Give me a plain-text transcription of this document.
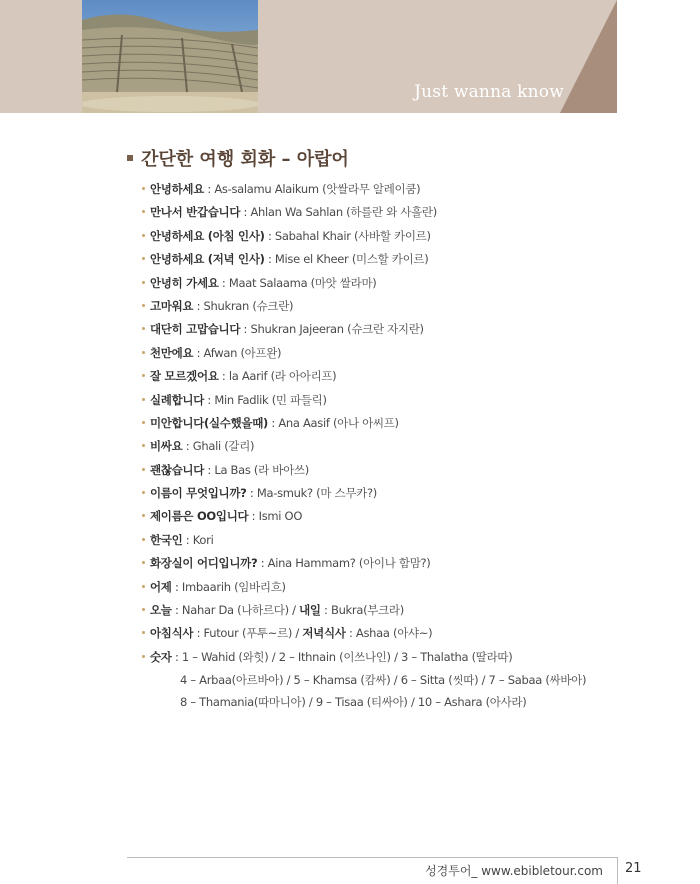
Just wanna know
간단한 여행 회화 – 아랍어
안녕하세요 : As-salamu Alaikum (앗쌀라무 알레이쿰)
만나서 반갑습니다 : Ahlan Wa Sahlan (하를란 와 사흘란)
안녕하세요 (아침 인사) : Sabahal Khair (사바할 카이르)
안녕하세요 (저녁 인사) : Mise el Kheer (미스할 카이르)
안녕히 가세요 : Maat Salaama (마앗 쌀라마)
고마워요 : Shukran (슈크란)
대단히 고맙습니다 : Shukran Jajeeran (슈크란 자지란)
천만에요 : Afwan (아프완)
잘 모르겠어요 : la Aarif (라 아아리프)
실례합니다 : Min Fadlik (민 파들릭)
미안합니다(실수했을때) : Ana Aasif (아나 아씨프)
비싸요 : Ghali (갈리)
괜찮습니다 : La Bas (라 바아쓰)
이름이 무엇입니까? : Ma-smuk? (마 스무카?)
제이름은 OO입니다 : Ismi OO
한국인 : Kori
화장실이 어디입니까? : Aina Hammam? (아이나 함맘?)
어제 : Imbaarih (임바리흐)
오늘 : Nahar Da (나하르다) / 내일 : Bukra(부크라)
아침식사 : Futour (푸투~르) / 저녁식사 : Ashaa (아샤~)
숫자 : 1 – Wahid (와힛) / 2 – Ithnain (이쓰나인) / 3 – Thalatha (딸라따)
4 – Arbaa(아르바아) / 5 – Khamsa (캄싸) / 6 – Sitta (씻따) / 7 – Sabaa (싸바아)
8 – Thamania(따마니아) / 9 – Tisaa (티싸아) / 10 – Ashara (아사라)
성경투어_ www.ebibletour.com 21
